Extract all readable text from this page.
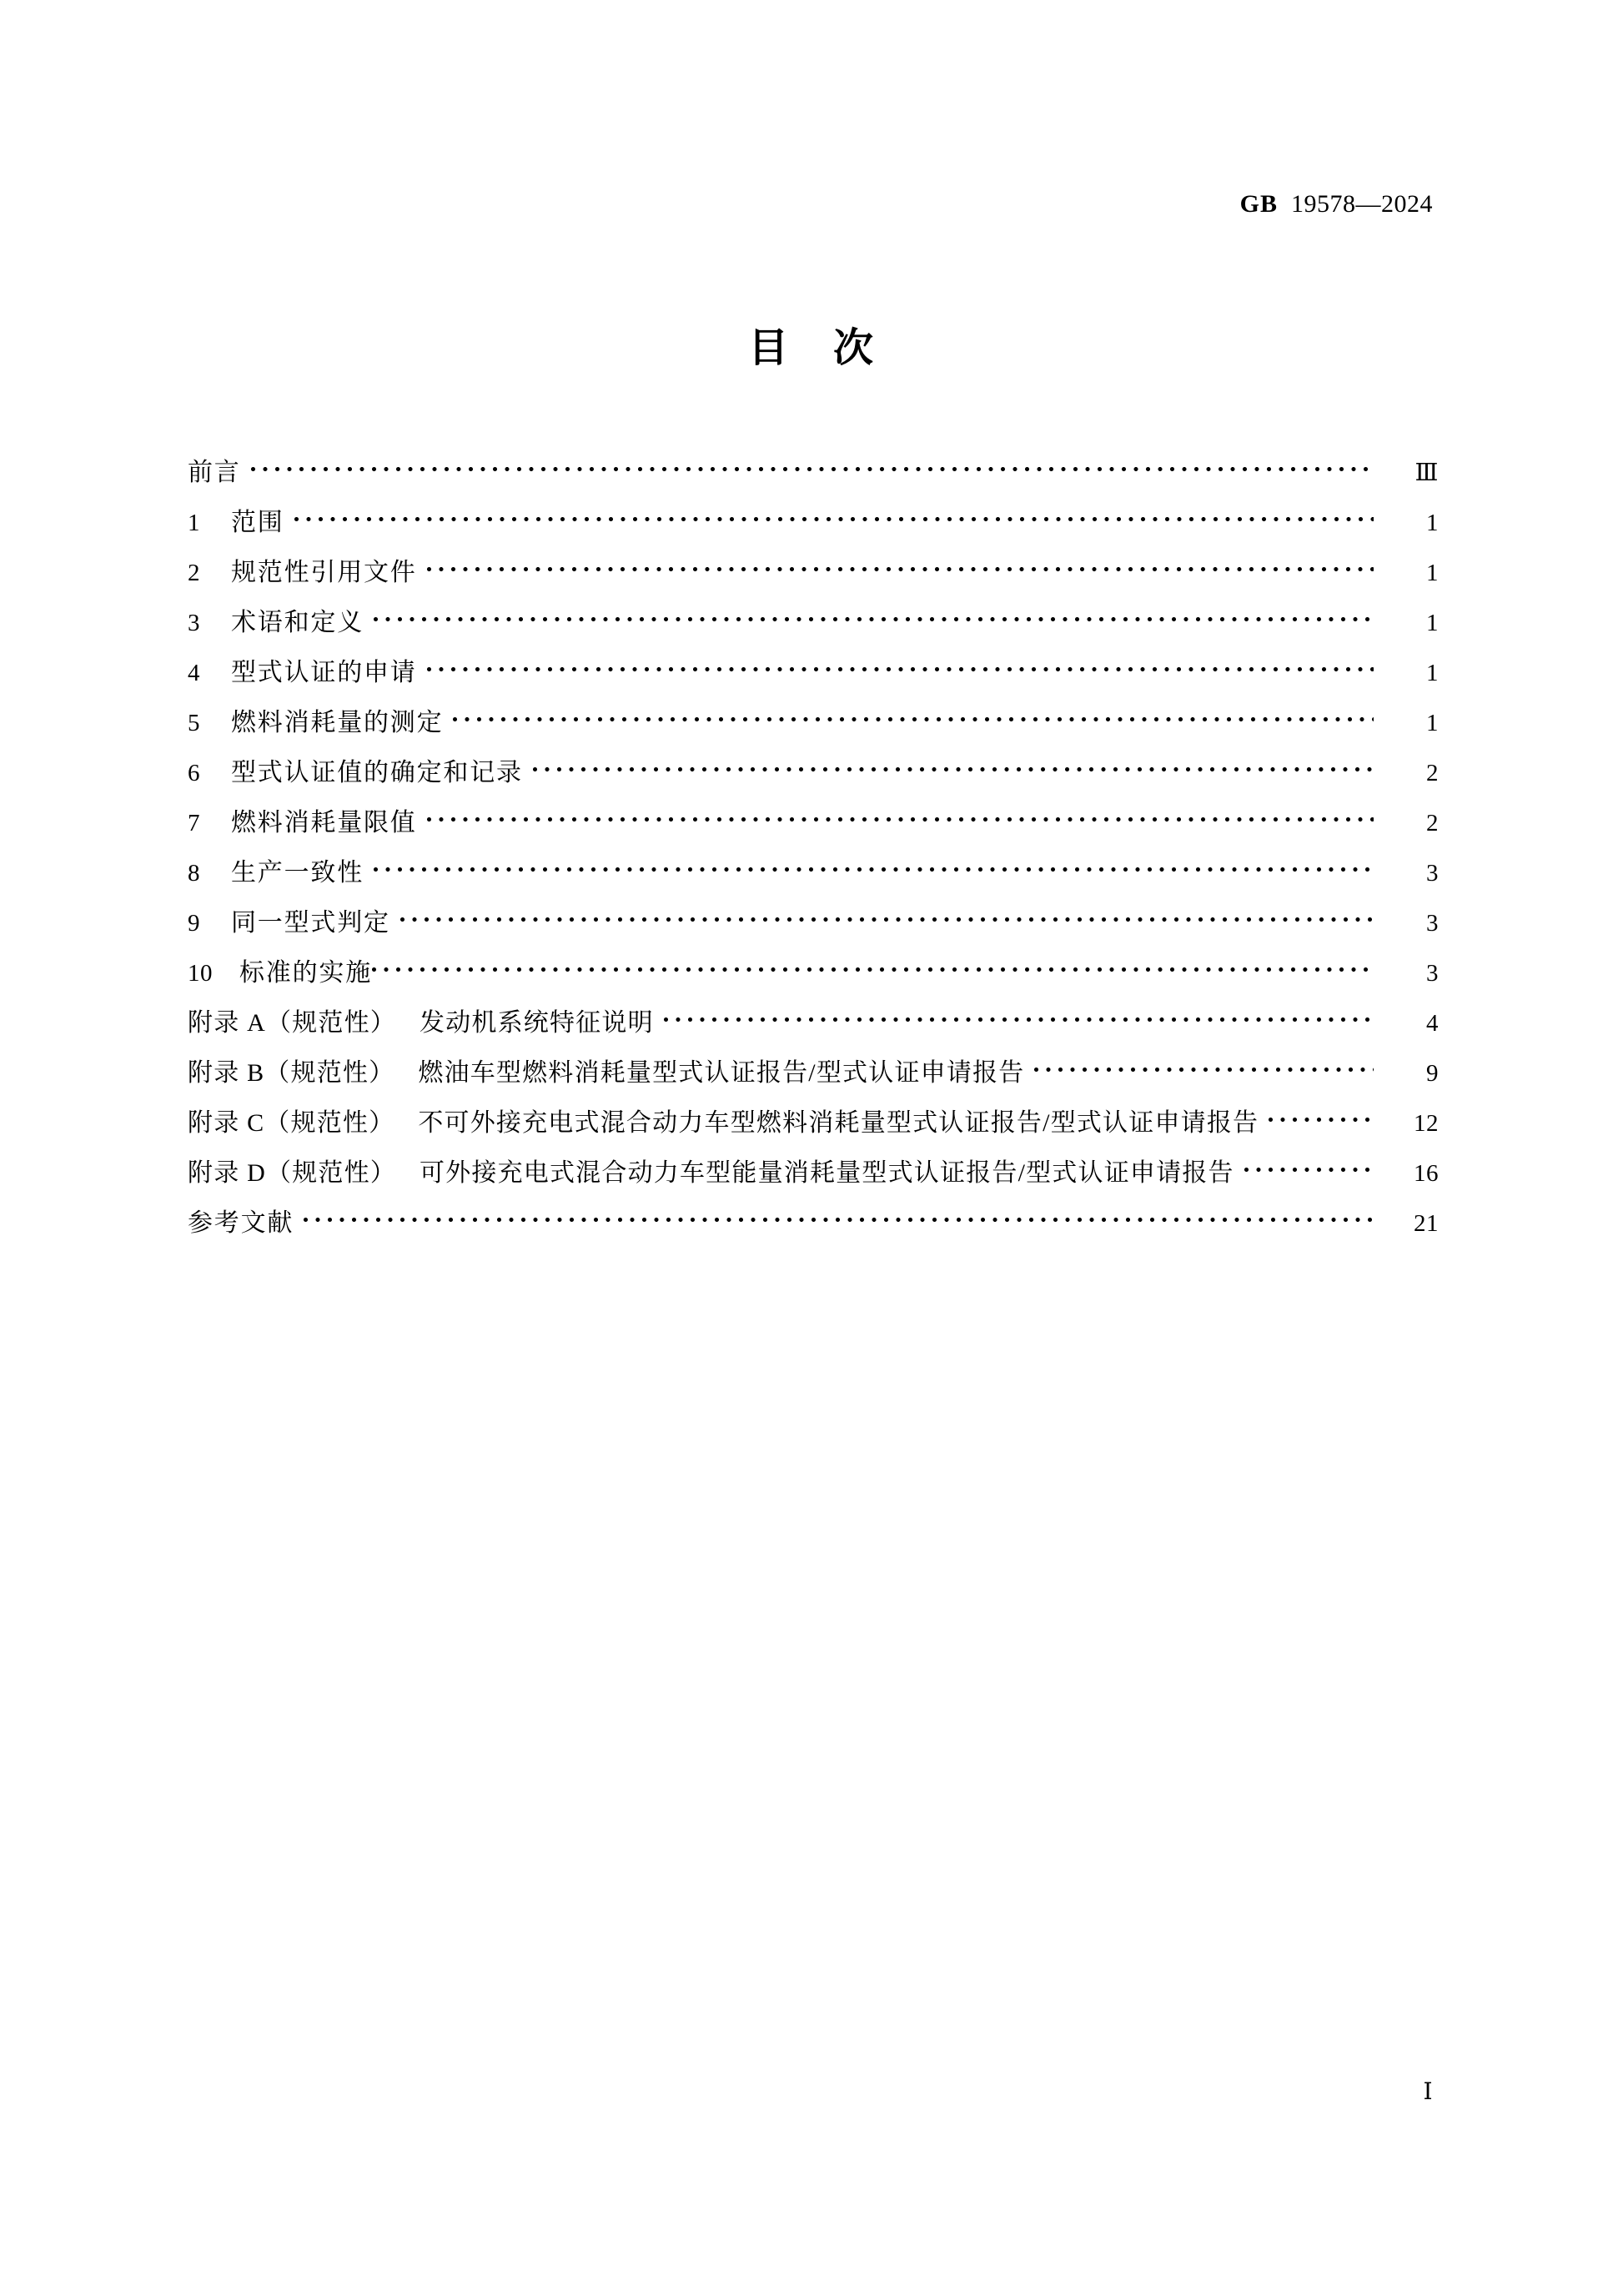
GB 19578—2024
目 次
前言	Ⅲ
1	范围	1
2	规范性引用文件	1
3	术语和定义	1
4	型式认证的申请	1
5	燃料消耗量的测定	1
6	型式认证值的确定和记录	2
7	燃料消耗量限值	2
8	生产一致性	3
9	同一型式判定	3
10	标准的实施	3
附录 A（规范性） 发动机系统特征说明	4
附录 B（规范性） 燃油车型燃料消耗量型式认证报告/型式认证申请报告	9
附录 C（规范性） 不可外接充电式混合动力车型燃料消耗量型式认证报告/型式认证申请报告	12
附录 D（规范性） 可外接充电式混合动力车型能量消耗量型式认证报告/型式认证申请报告	16
参考文献	21
Ⅰ
